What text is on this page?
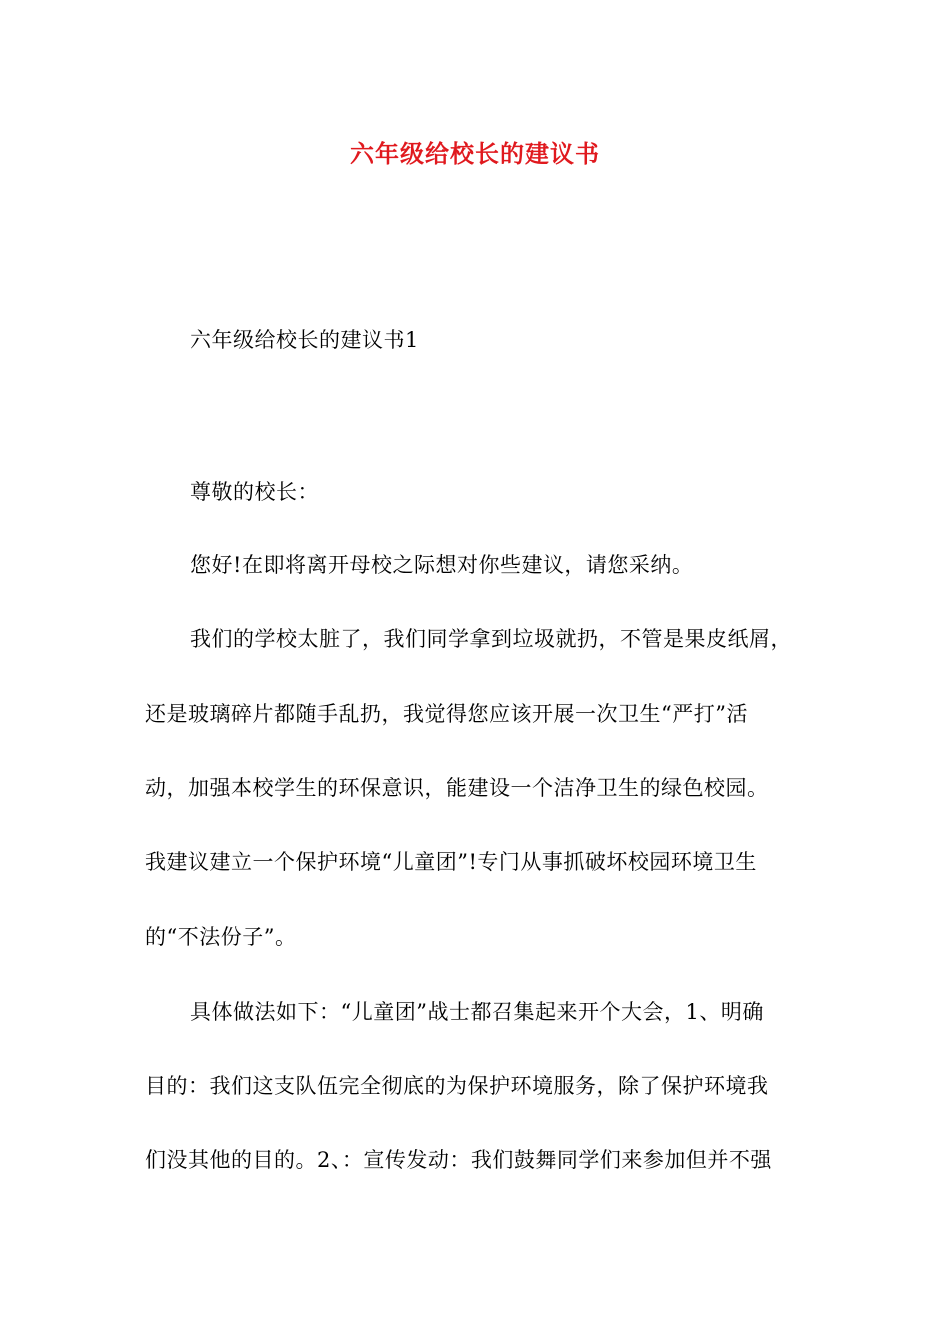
六年级给校长的建议书
六年级给校长的建议书1
尊敬的校长：
您好!在即将离开母校之际想对你些建议，请您采纳。
我们的学校太脏了，我们同学拿到垃圾就扔，不管是果皮纸屑，
还是玻璃碎片都随手乱扔，我觉得您应该开展一次卫生“严打”活
动，加强本校学生的环保意识，能建设一个洁净卫生的绿色校园。
我建议建立一个保护环境“儿童团”!专门从事抓破坏校园环境卫生
的“不法份子”。
具体做法如下：“儿童团”战士都召集起来开个大会，1、明确
目的：我们这支队伍完全彻底的为保护环境服务，除了保护环境我
们没其他的目的。2、：宣传发动：我们鼓舞同学们来参加但并不强
